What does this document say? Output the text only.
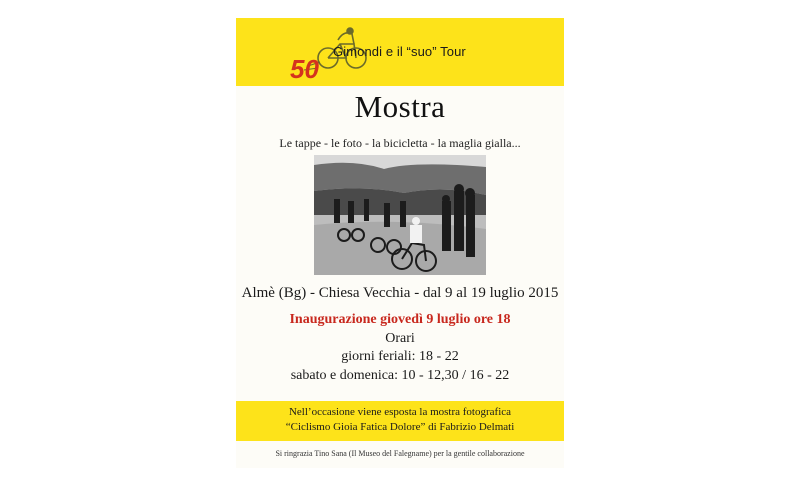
50
Gimondi e il “suo” Tour
Mostra
Le tappe - le foto - la bicicletta - la maglia gialla...
Almè (Bg) - Chiesa Vecchia - dal 9 al 19 luglio 2015
Inaugurazione giovedì 9 luglio ore 18
Orari
giorni feriali: 18 - 22
sabato e domenica: 10 - 12,30 / 16 - 22
Nell’occasione viene esposta la mostra fotografica
“Ciclismo Gioia Fatica Dolore” di Fabrizio Delmati
Si ringrazia Tino Sana (Il Museo del Falegname) per la gentile collaborazione
